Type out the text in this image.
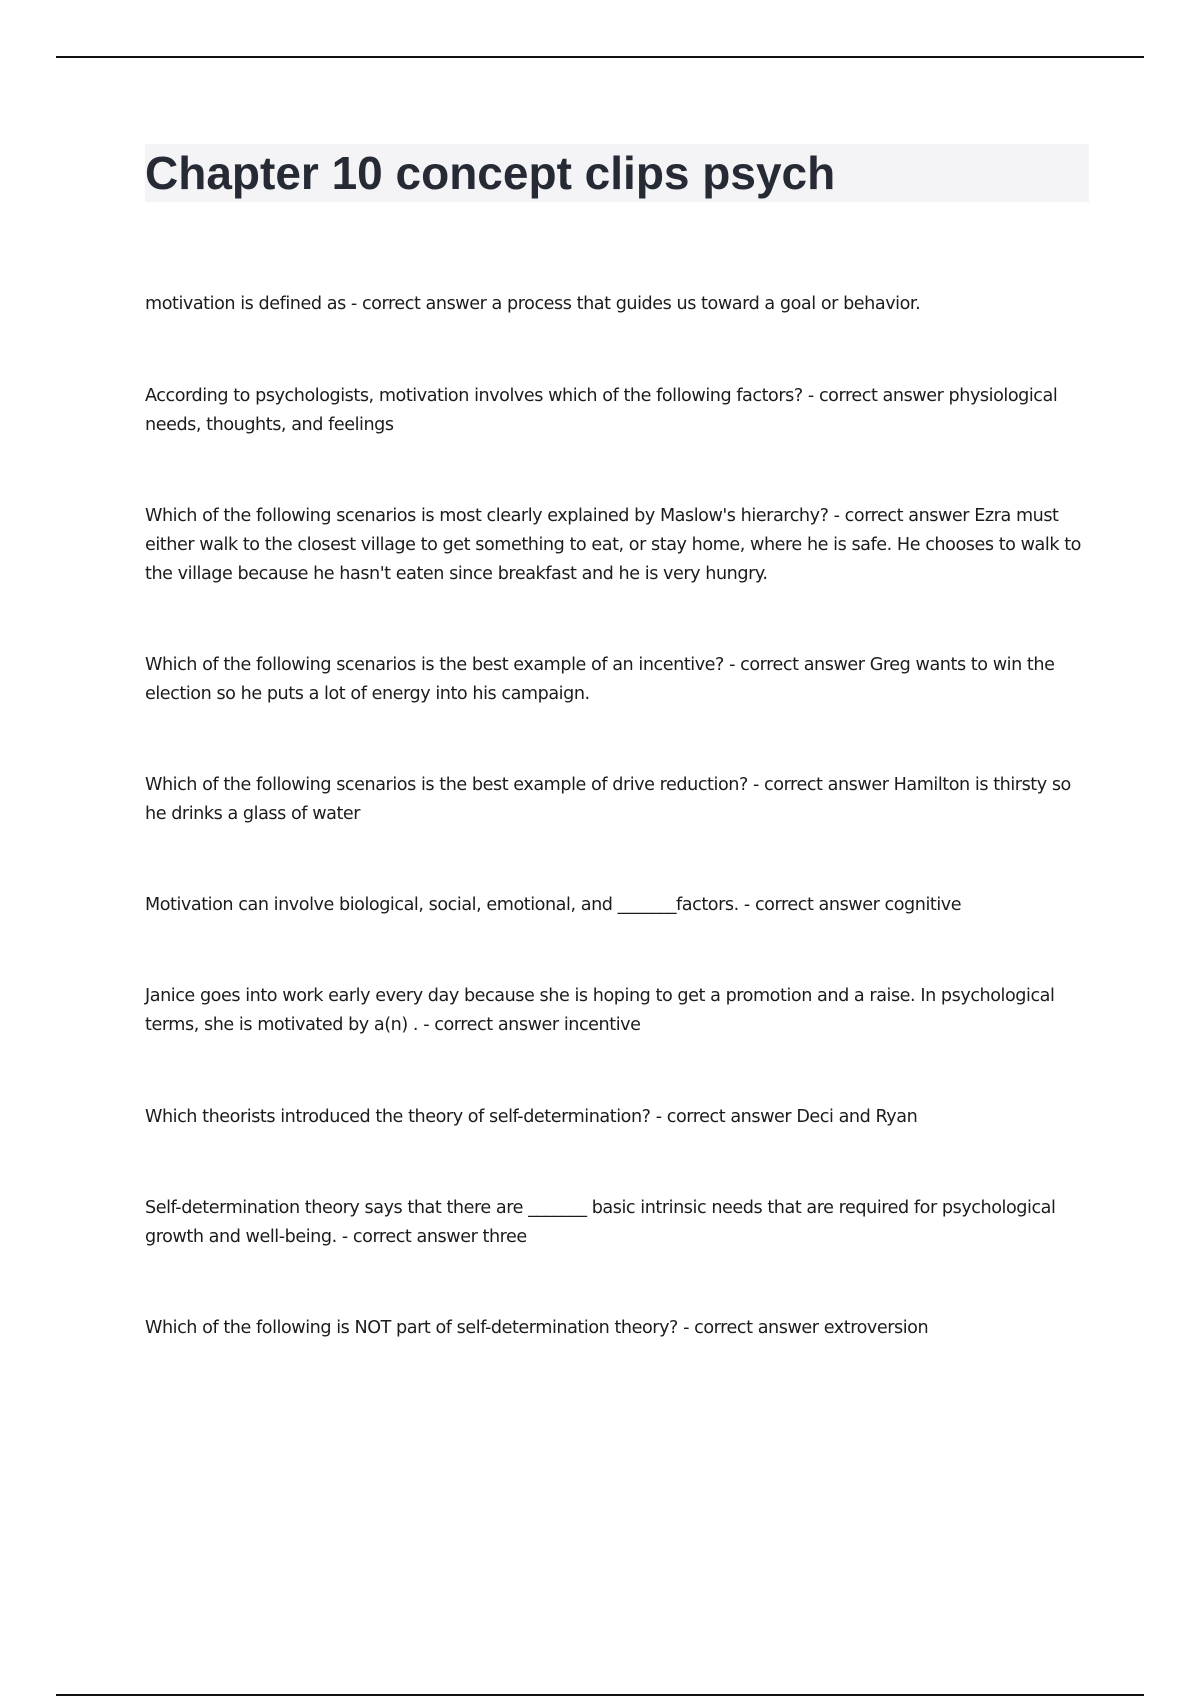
Chapter 10 concept clips psych
motivation is defined as - correct answer a process that guides us toward a goal or behavior.
According to psychologists, motivation involves which of the following factors? - correct answer physiological needs, thoughts, and feelings
Which of the following scenarios is most clearly explained by Maslow's hierarchy? - correct answer Ezra must either walk to the closest village to get something to eat, or stay home, where he is safe. He chooses to walk to the village because he hasn't eaten since breakfast and he is very hungry.
Which of the following scenarios is the best example of an incentive? - correct answer Greg wants to win the election so he puts a lot of energy into his campaign.
Which of the following scenarios is the best example of drive reduction? - correct answer Hamilton is thirsty so he drinks a glass of water
Motivation can involve biological, social, emotional, and _______factors. - correct answer cognitive
Janice goes into work early every day because she is hoping to get a promotion and a raise. In psychological terms, she is motivated by a(n) . - correct answer incentive
Which theorists introduced the theory of self-determination? - correct answer Deci and Ryan
Self-determination theory says that there are _______ basic intrinsic needs that are required for psychological growth and well-being. - correct answer three
Which of the following is NOT part of self-determination theory? - correct answer extroversion
